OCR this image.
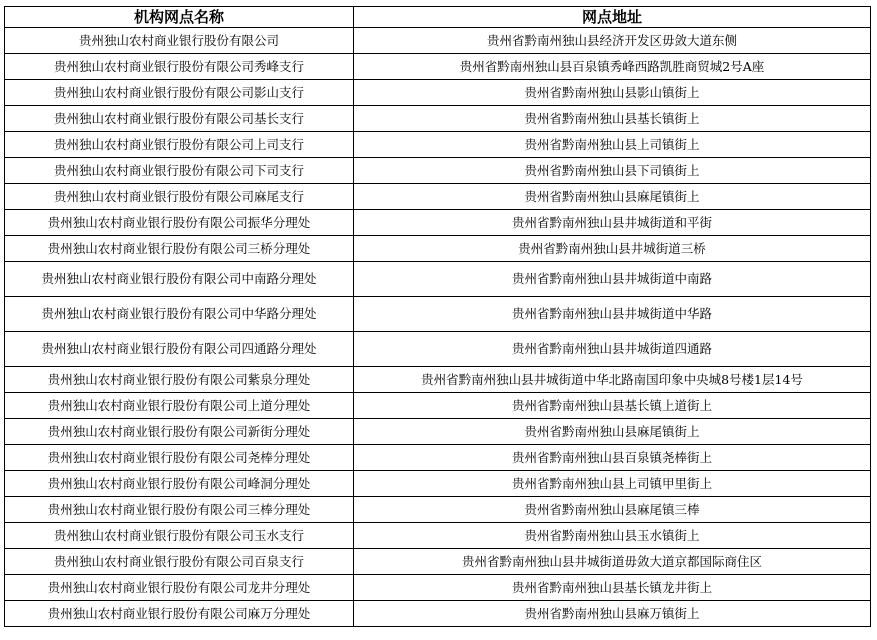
机构网点名称	网点地址
贵州独山农村商业银行股份有限公司	贵州省黔南州独山县经济开发区毋敛大道东侧
贵州独山农村商业银行股份有限公司秀峰支行	贵州省黔南州独山县百泉镇秀峰西路凯胜商贸城2号A座
贵州独山农村商业银行股份有限公司影山支行	贵州省黔南州独山县影山镇街上
贵州独山农村商业银行股份有限公司基长支行	贵州省黔南州独山县基长镇街上
贵州独山农村商业银行股份有限公司上司支行	贵州省黔南州独山县上司镇街上
贵州独山农村商业银行股份有限公司下司支行	贵州省黔南州独山县下司镇街上
贵州独山农村商业银行股份有限公司麻尾支行	贵州省黔南州独山县麻尾镇街上
贵州独山农村商业银行股份有限公司振华分理处	贵州省黔南州独山县井城街道和平街
贵州独山农村商业银行股份有限公司三桥分理处	贵州省黔南州独山县井城街道三桥
贵州独山农村商业银行股份有限公司中南路分理处	贵州省黔南州独山县井城街道中南路
贵州独山农村商业银行股份有限公司中华路分理处	贵州省黔南州独山县井城街道中华路
贵州独山农村商业银行股份有限公司四通路分理处	贵州省黔南州独山县井城街道四通路
贵州独山农村商业银行股份有限公司紫泉分理处	贵州省黔南州独山县井城街道中华北路南国印象中央城8号楼1层14号
贵州独山农村商业银行股份有限公司上道分理处	贵州省黔南州独山县基长镇上道街上
贵州独山农村商业银行股份有限公司新街分理处	贵州省黔南州独山县麻尾镇街上
贵州独山农村商业银行股份有限公司尧棒分理处	贵州省黔南州独山县百泉镇尧棒街上
贵州独山农村商业银行股份有限公司峰洞分理处	贵州省黔南州独山县上司镇甲里街上
贵州独山农村商业银行股份有限公司三棒分理处	贵州省黔南州独山县麻尾镇三棒
贵州独山农村商业银行股份有限公司玉水支行	贵州省黔南州独山县玉水镇街上
贵州独山农村商业银行股份有限公司百泉支行	贵州省黔南州独山县井城街道毋敛大道京都国际商住区
贵州独山农村商业银行股份有限公司龙井分理处	贵州省黔南州独山县基长镇龙井街上
贵州独山农村商业银行股份有限公司麻万分理处	贵州省黔南州独山县麻万镇街上
